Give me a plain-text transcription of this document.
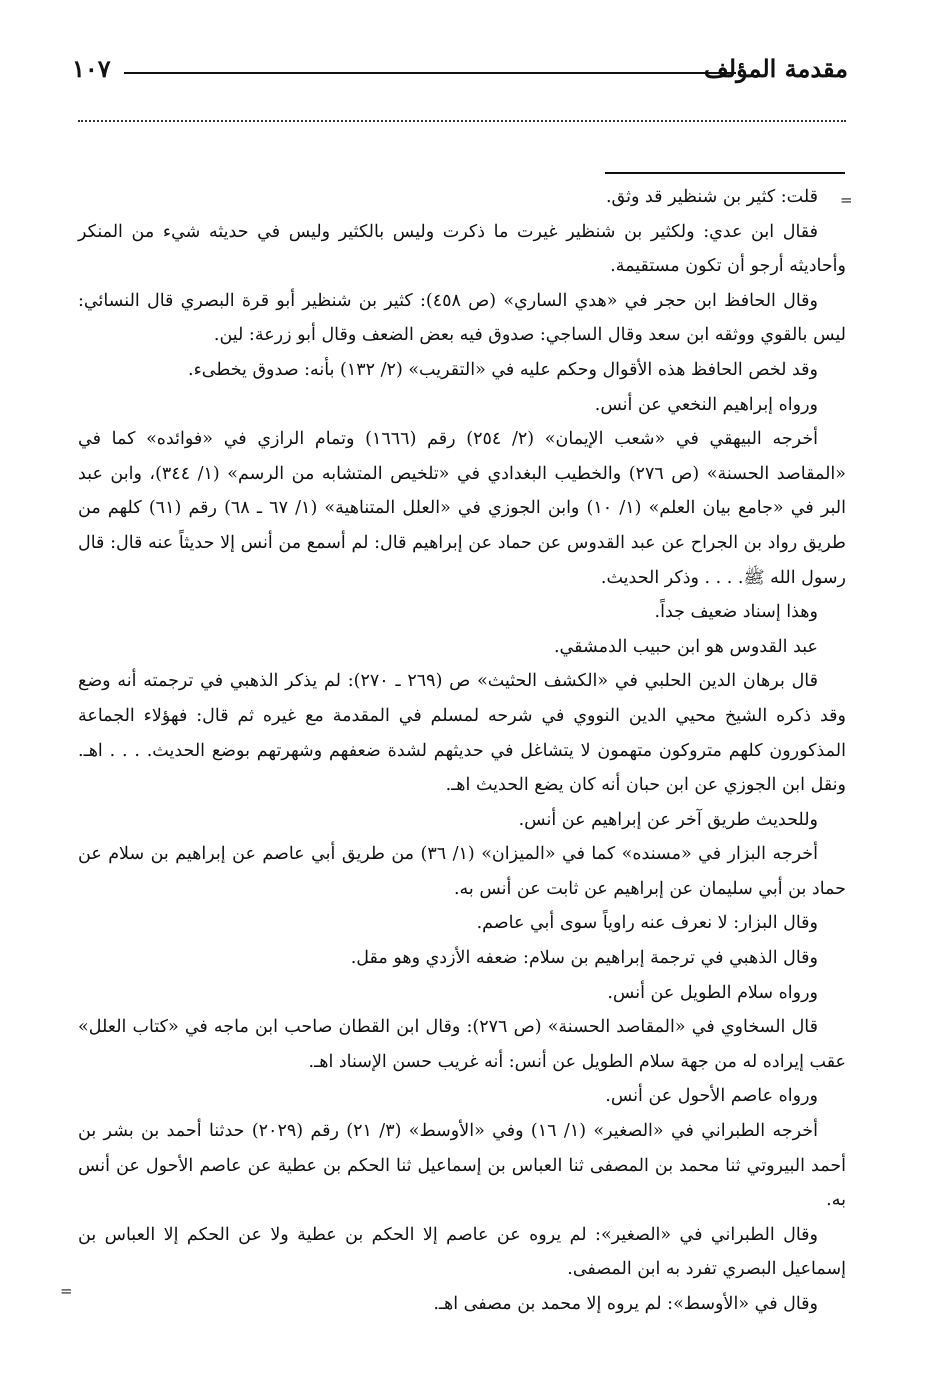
مقدمة المؤلف
١٠٧
=
=

قلت: كثير بن شنظير قد وثق.

فقال ابن عدي: ولكثير بن شنظير غيرت ما ذكرت وليس بالكثير وليس في حديثه شيء من المنكر وأحاديثه أرجو أن تكون مستقيمة.

وقال الحافظ ابن حجر في «هدي الساري» (ص ٤٥٨): كثير بن شنظير أبو قرة البصري قال النسائي: ليس بالقوي ووثقه ابن سعد وقال الساجي: صدوق فيه بعض الضعف وقال أبو زرعة: لين.

وقد لخص الحافظ هذه الأقوال وحكم عليه في «التقريب» (٢/ ١٣٢) بأنه: صدوق يخطىء.

ورواه إبراهيم النخعي عن أنس.

أخرجه البيهقي في «شعب الإيمان» (٢/ ٢٥٤) رقم (١٦٦٦) وتمام الرازي في «فوائده» كما في «المقاصد الحسنة» (ص ٢٧٦) والخطيب البغدادي في «تلخيص المتشابه من الرسم» (١/ ٣٤٤)، وابن عبد البر في «جامع بيان العلم» (١/ ١٠) وابن الجوزي في «العلل المتناهية» (١/ ٦٧ ـ ٦٨) رقم (٦١) كلهم من طريق رواد بن الجراح عن عبد القدوس عن حماد عن إبراهيم قال: لم أسمع من أنس إلا حديثاً عنه قال: قال رسول الله ﷺ. . . . وذكر الحديث.

وهذا إسناد ضعيف جداً.

عبد القدوس هو ابن حبيب الدمشقي.

قال برهان الدين الحلبي في «الكشف الحثيث» ص (٢٦٩ ـ ٢٧٠): لم يذكر الذهبي في ترجمته أنه وضع وقد ذكره الشيخ محيي الدين النووي في شرحه لمسلم في المقدمة مع غيره ثم قال: فهؤلاء الجماعة المذكورون كلهم متروكون متهمون لا يتشاغل في حديثهم لشدة ضعفهم وشهرتهم بوضع الحديث. . . . اهـ. ونقل ابن الجوزي عن ابن حبان أنه كان يضع الحديث اهـ.

وللحديث طريق آخر عن إبراهيم عن أنس.

أخرجه البزار في «مسنده» كما في «الميزان» (١/ ٣٦) من طريق أبي عاصم عن إبراهيم بن سلام عن حماد بن أبي سليمان عن إبراهيم عن ثابت عن أنس به.

وقال البزار: لا نعرف عنه راوياً سوى أبي عاصم.

وقال الذهبي في ترجمة إبراهيم بن سلام: ضعفه الأزدي وهو مقل.

ورواه سلام الطويل عن أنس.

قال السخاوي في «المقاصد الحسنة» (ص ٢٧٦): وقال ابن القطان صاحب ابن ماجه في «كتاب العلل» عقب إيراده له من جهة سلام الطويل عن أنس: أنه غريب حسن الإسناد اهـ.

ورواه عاصم الأحول عن أنس.

أخرجه الطبراني في «الصغير» (١/ ١٦) وفي «الأوسط» (٣/ ٢١) رقم (٢٠٢٩) حدثنا أحمد بن بشر بن أحمد البيروتي ثنا محمد بن المصفى ثنا العباس بن إسماعيل ثنا الحكم بن عطية عن عاصم الأحول عن أنس به.

وقال الطبراني في «الصغير»: لم يروه عن عاصم إلا الحكم بن عطية ولا عن الحكم إلا العباس بن إسماعيل البصري تفرد به ابن المصفى.

وقال في «الأوسط»: لم يروه إلا محمد بن مصفى اهـ.
